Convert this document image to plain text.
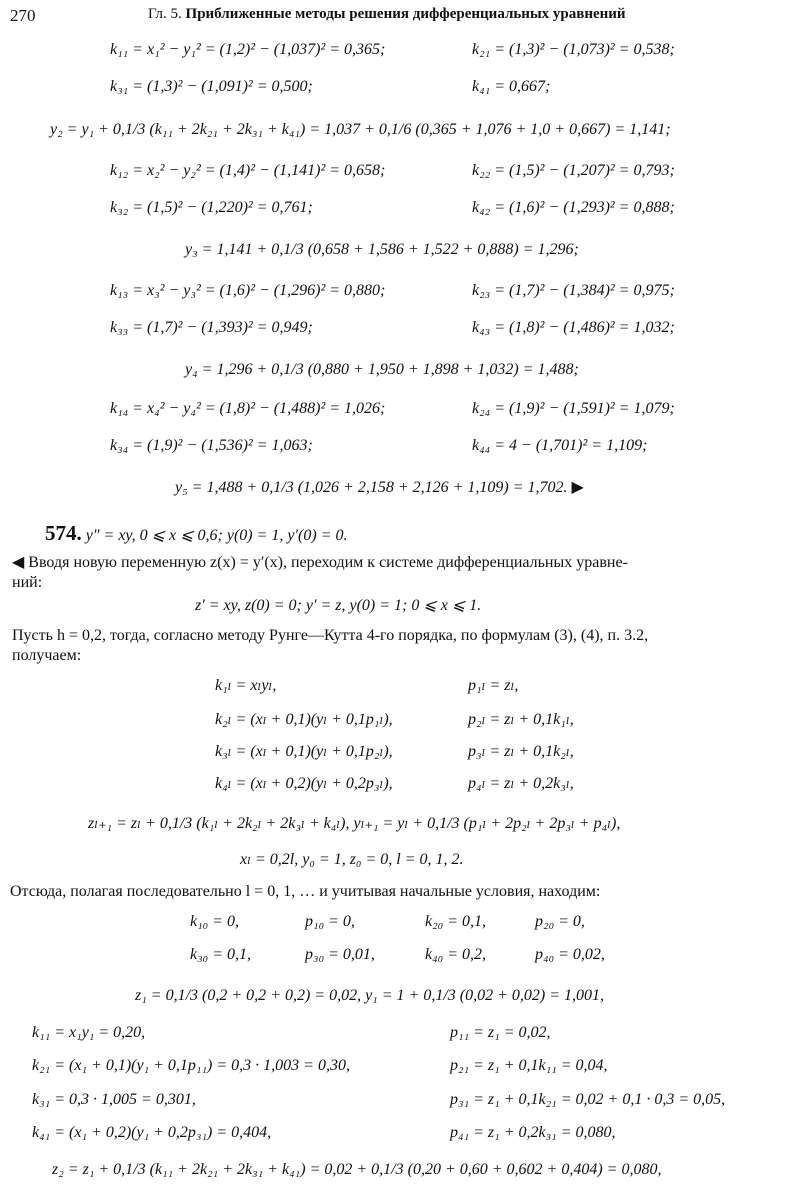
270	Гл. 5. Приближенные методы решения дифференциальных уравнений
k₁₁ = x₁² − y₁² = (1,2)² − (1,037)² = 0,365;	k₂₁ = (1,3)² − (1,073)² = 0,538;
k₃₁ = (1,3)² − (1,091)² = 0,500;	k₄₁ = 0,667;
y₂ = y₁ + 0,1/3 (k₁₁ + 2k₂₁ + 2k₃₁ + k₄₁) = 1,037 + 0,1/6 (0,365 + 1,076 + 1,0 + 0,667) = 1,141;
k₁₂ = x₂² − y₂² = (1,4)² − (1,141)² = 0,658;	k₂₂ = (1,5)² − (1,207)² = 0,793;
k₃₂ = (1,5)² − (1,220)² = 0,761;	k₄₂ = (1,6)² − (1,293)² = 0,888;
y₃ = 1,141 + 0,1/3 (0,658 + 1,586 + 1,522 + 0,888) = 1,296;
k₁₃ = x₃² − y₃² = (1,6)² − (1,296)² = 0,880;	k₂₃ = (1,7)² − (1,384)² = 0,975;
k₃₃ = (1,7)² − (1,393)² = 0,949;	k₄₃ = (1,8)² − (1,486)² = 1,032;
y₄ = 1,296 + 0,1/3 (0,880 + 1,950 + 1,898 + 1,032) = 1,488;
k₁₄ = x₄² − y₄² = (1,8)² − (1,488)² = 1,026;	k₂₄ = (1,9)² − (1,591)² = 1,079;
k₃₄ = (1,9)² − (1,536)² = 1,063;	k₄₄ = 4 − (1,701)² = 1,109;
y₅ = 1,488 + 0,1/3 (1,026 + 2,158 + 2,126 + 1,109) = 1,702. ▶
574. y″ = xy, 0 ⩽ x ⩽ 0,6; y(0) = 1, y′(0) = 0.
◀ Вводя новую переменную z(x) = y′(x), переходим к системе дифференциальных уравне-
ний:
z′ = xy, z(0) = 0; y′ = z, y(0) = 1; 0 ⩽ x ⩽ 1.
Пусть h = 0,2, тогда, согласно методу Рунге—Кутта 4-го порядка, по формулам (3), (4), п. 3.2,
получаем:
k₁ₗ = xₗyₗ,	p₁ₗ = zₗ,
k₂ₗ = (xₗ + 0,1)(yₗ + 0,1p₁ₗ),	p₂ₗ = zₗ + 0,1k₁ₗ,
k₃ₗ = (xₗ + 0,1)(yₗ + 0,1p₂ₗ),	p₃ₗ = zₗ + 0,1k₂ₗ,
k₄ₗ = (xₗ + 0,2)(yₗ + 0,2p₃ₗ),	p₄ₗ = zₗ + 0,2k₃ₗ,
zₗ₊₁ = zₗ + 0,1/3 (k₁ₗ + 2k₂ₗ + 2k₃ₗ + k₄ₗ), yₗ₊₁ = yₗ + 0,1/3 (p₁ₗ + 2p₂ₗ + 2p₃ₗ + p₄ₗ),
xₗ = 0,2l, y₀ = 1, z₀ = 0, l = 0, 1, 2.
Отсюда, полагая последовательно l = 0, 1, … и учитывая начальные условия, находим:
k₁₀ = 0,	p₁₀ = 0,	k₂₀ = 0,1,	p₂₀ = 0,
k₃₀ = 0,1,	p₃₀ = 0,01,	k₄₀ = 0,2,	p₄₀ = 0,02,
z₁ = 0,1/3 (0,2 + 0,2 + 0,2) = 0,02, y₁ = 1 + 0,1/3 (0,02 + 0,02) = 1,001,
k₁₁ = x₁y₁ = 0,20,	p₁₁ = z₁ = 0,02,
k₂₁ = (x₁ + 0,1)(y₁ + 0,1p₁₁) = 0,3 · 1,003 = 0,30,	p₂₁ = z₁ + 0,1k₁₁ = 0,04,
k₃₁ = 0,3 · 1,005 = 0,301,	p₃₁ = z₁ + 0,1k₂₁ = 0,02 + 0,1 · 0,3 = 0,05,
k₄₁ = (x₁ + 0,2)(y₁ + 0,2p₃₁) = 0,404,	p₄₁ = z₁ + 0,2k₃₁ = 0,080,
z₂ = z₁ + 0,1/3 (k₁₁ + 2k₂₁ + 2k₃₁ + k₄₁) = 0,02 + 0,1/3 (0,20 + 0,60 + 0,602 + 0,404) = 0,080,
